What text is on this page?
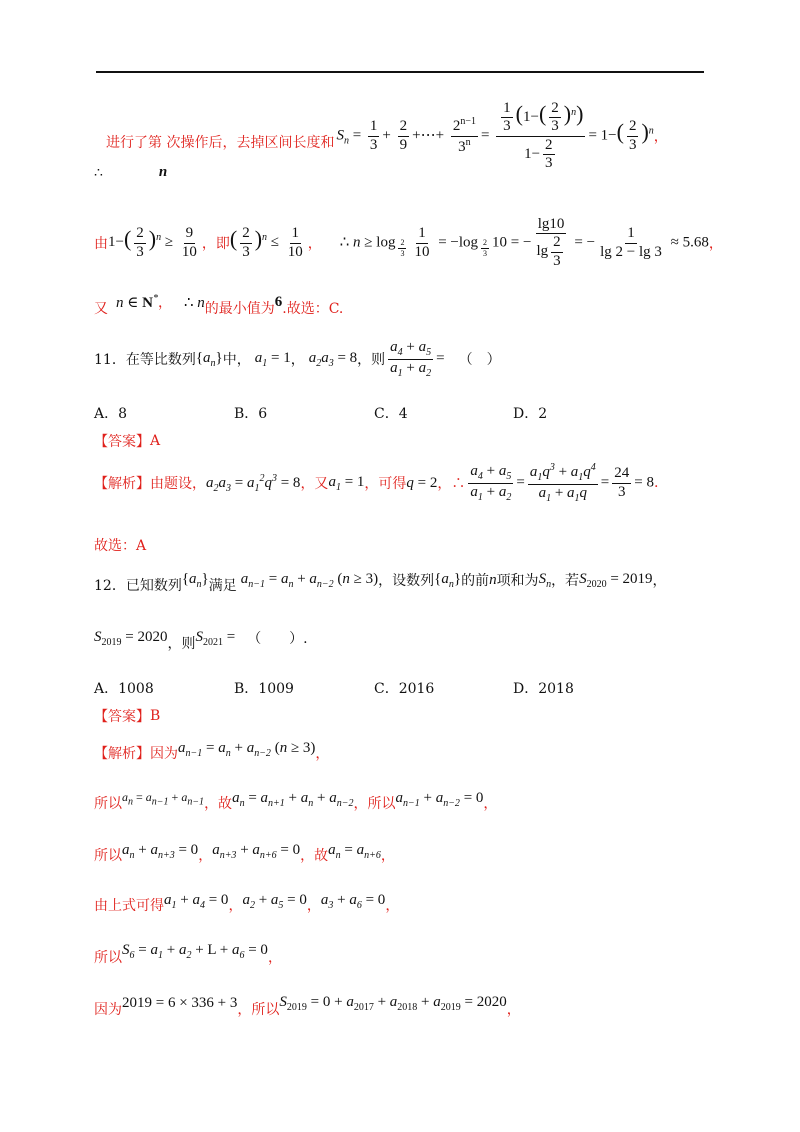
进行了第 次操作后，去掉区间长度和 $S_n = \frac{1}{3} + \frac{2}{9}$ +⋯+ $\frac{2^{n-1}}{3^n} = \frac{\frac{1}{3} (1-( \frac{2}{3} )^n)}{1- \frac{2}{3}} = 1-( \frac{2}{3} )^n$ ，
∴	n
由 $1-( \frac{2}{3} )^n \ge \frac{9}{10}$ ，即 ( $\frac{2}{3} )^n \le \frac{1}{10}$ ， ∴ $n \ge \log _{\frac{2}{3}} \frac{1}{10} = -\log$ $_{\frac{2}{3}}$ 10 = − $\frac{\lg 10}{\lg \frac{2}{3}}$ = − $\frac{1}{\lg 2 - \lg 3} \approx 5.68$ ，
又 n ∈ N* ， ∴ n 的最小值为 6 .故选：C.
11．在等比数列 $\{a_n\}$ 中， $a_1 = 1$ ， $a_2a_3 = 8$ ，则 $\frac{a_4 + a_5}{a_1 + a_2}$ = （　）
A．8	B．6	C．4	D．2
【答案】 A
【解析】 由题设， $a_2a_3 = a_1^2q^3 = 8$ ，又 $a_1 = 1$ ，可得 q = 2 ，∴ $\frac{a_4 + a_5}{a_1 + a_2} = \frac{a_1q^3 + a_1q^4}{a_1 + a_1q} = \frac{24}{3} = 8$ .
故选：A
12．已知数列 $\{a_n\}$ 满足 $a_{n-1} = a_n + a_{n-2}$ (n ≥ 3) ，设数列 $\{a_n\}$ 的前 n 项和为 $S_n$ ，若 $S_{2020} = 2019$ ，
$S_{2019} = 2020$ ，则 $S_{2021}$ = （　　）.
A．1008	B．1009	C．2016	D．2018
【答案】 B
【解析】 因为 $a_{n-1} = a_n + a_{n-2}$ (n ≥ 3) ，
所以 $a_n = a_{n-1} + a_{n-1}$ ，故 $a_n = a_{n+1} + a_n + a_{n-2}$ ，所以 $a_{n-1} + a_{n-2} = 0$ ，
所以 $a_n + a_{n+3} = 0$ ， $a_{n+3} + a_{n+6} = 0$ ，故 $a_n = a_{n+6}$ ，
由上式可得 $a_1 + a_4 = 0$ ， $a_2 + a_5 = 0$ ， $a_3 + a_6 = 0$ ，
所以
$S_6 = a_1 + a_2 + L + a_6 = 0$
，
因为 2019 = 6 × 336 + 3 ，所以
$S_{2019} = 0 + a_{2017} + a_{2018} + a_{2019} = 2020$
，
